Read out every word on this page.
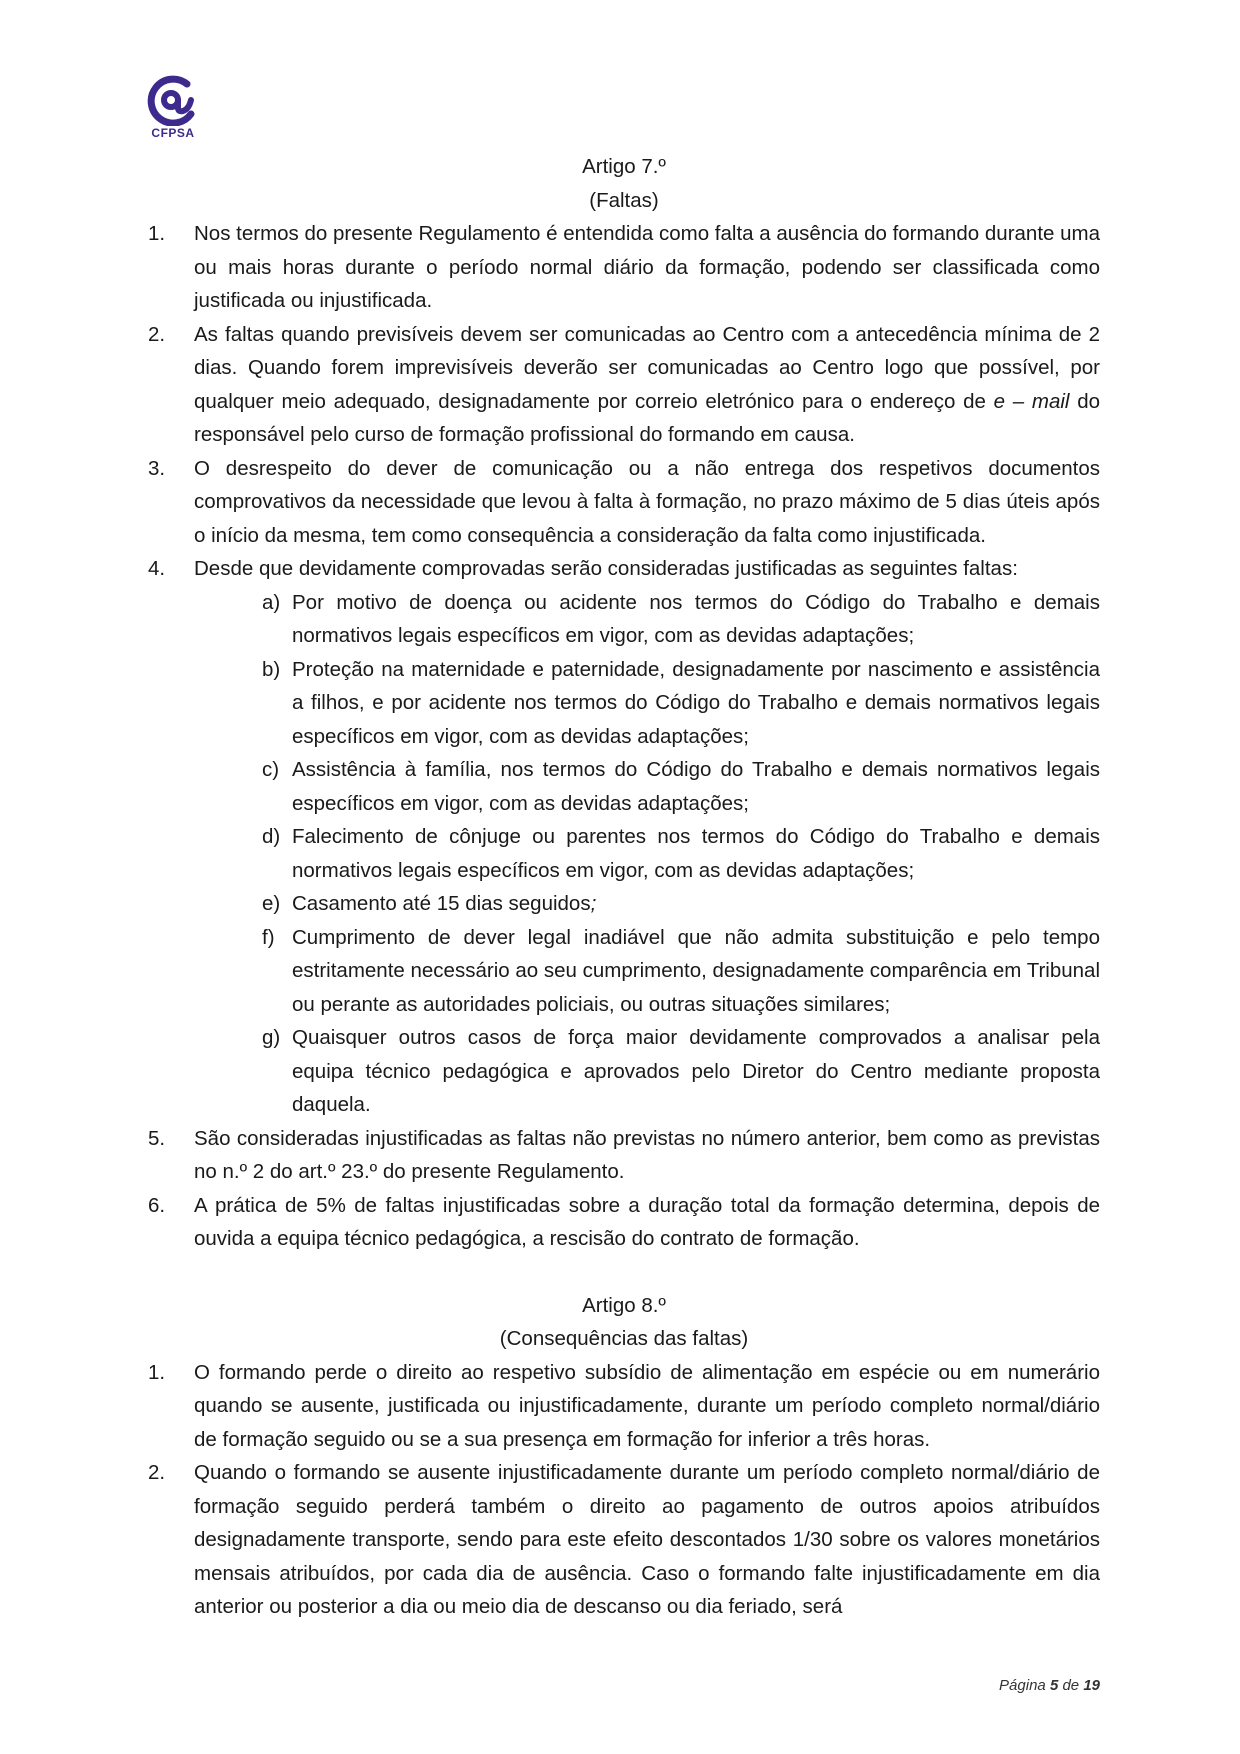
CFPSA
Artigo 7.º
(Faltas)
1.	Nos termos do presente Regulamento é entendida como falta a ausência do formando durante uma ou mais horas durante o período normal diário da formação, podendo ser classificada como justificada ou injustificada.
2.	As faltas quando previsíveis devem ser comunicadas ao Centro com a antecedência mínima de 2 dias. Quando forem imprevisíveis deverão ser comunicadas ao Centro logo que possível, por qualquer meio adequado, designadamente por correio eletrónico para o endereço de e – mail do responsável pelo curso de formação profissional do formando em causa.
3.	O desrespeito do dever de comunicação ou a não entrega dos respetivos documentos comprovativos da necessidade que levou à falta à formação, no prazo máximo de 5 dias úteis após o início da mesma, tem como consequência a consideração da falta como injustificada.
4.	Desde que devidamente comprovadas serão consideradas justificadas as seguintes faltas:
a) Por motivo de doença ou acidente nos termos do Código do Trabalho e demais normativos legais específicos em vigor, com as devidas adaptações;
b) Proteção na maternidade e paternidade, designadamente por nascimento e assistência a filhos, e por acidente nos termos do Código do Trabalho e demais normativos legais específicos em vigor, com as devidas adaptações;
c) Assistência à família, nos termos do Código do Trabalho e demais normativos legais específicos em vigor, com as devidas adaptações;
d) Falecimento de cônjuge ou parentes nos termos do Código do Trabalho e demais normativos legais específicos em vigor, com as devidas adaptações;
e) Casamento até 15 dias seguidos;
f) Cumprimento de dever legal inadiável que não admita substituição e pelo tempo estritamente necessário ao seu cumprimento, designadamente comparência em Tribunal ou perante as autoridades policiais, ou outras situações similares;
g) Quaisquer outros casos de força maior devidamente comprovados a analisar pela equipa técnico pedagógica e aprovados pelo Diretor do Centro mediante proposta daquela.
5.	São consideradas injustificadas as faltas não previstas no número anterior, bem como as previstas no n.º 2 do art.º 23.º do presente Regulamento.
6.	A prática de 5% de faltas injustificadas sobre a duração total da formação determina, depois de ouvida a equipa técnico pedagógica, a rescisão do contrato de formação.
Artigo 8.º
(Consequências das faltas)
1.	O formando perde o direito ao respetivo subsídio de alimentação em espécie ou em numerário quando se ausente, justificada ou injustificadamente, durante um período completo normal/diário de formação seguido ou se a sua presença em formação for inferior a três horas.
2.	Quando o formando se ausente injustificadamente durante um período completo normal/diário de formação seguido perderá também o direito ao pagamento de outros apoios atribuídos designadamente transporte, sendo para este efeito descontados 1/30 sobre os valores monetários mensais atribuídos, por cada dia de ausência. Caso o formando falte injustificadamente em dia anterior ou posterior a dia ou meio dia de descanso ou dia feriado, será
Página 5 de 19
